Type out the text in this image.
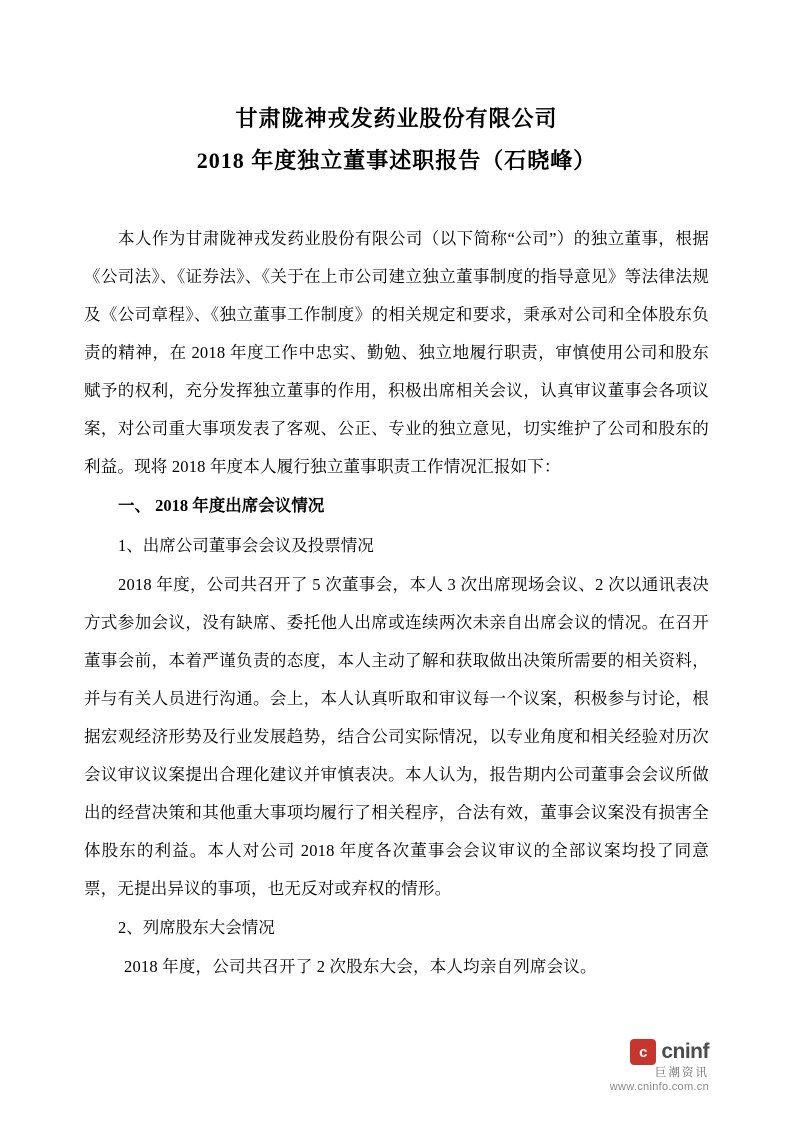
甘肃陇神戎发药业股份有限公司
2018 年度独立董事述职报告（石晓峰）

本人作为甘肃陇神戎发药业股份有限公司（以下简称“公司”）的独立董事，根据《公司法》、《证券法》、《关于在上市公司建立独立董事制度的指导意见》等法律法规及《公司章程》、《独立董事工作制度》的相关规定和要求，秉承对公司和全体股东负责的精神，在 2018 年度工作中忠实、勤勉、独立地履行职责，审慎使用公司和股东赋予的权利，充分发挥独立董事的作用，积极出席相关会议，认真审议董事会各项议案，对公司重大事项发表了客观、公正、专业的独立意见，切实维护了公司和股东的利益。现将 2018 年度本人履行独立董事职责工作情况汇报如下：

一、 2018 年度出席会议情况

1、出席公司董事会会议及投票情况

2018 年度，公司共召开了 5 次董事会，本人 3 次出席现场会议、2 次以通讯表决方式参加会议，没有缺席、委托他人出席或连续两次未亲自出席会议的情况。在召开董事会前，本着严谨负责的态度，本人主动了解和获取做出决策所需要的相关资料，并与有关人员进行沟通。会上，本人认真听取和审议每一个议案，积极参与讨论，根据宏观经济形势及行业发展趋势，结合公司实际情况，以专业角度和相关经验对历次会议审议议案提出合理化建议并审慎表决。本人认为，报告期内公司董事会会议所做出的经营决策和其他重大事项均履行了相关程序，合法有效，董事会议案没有损害全体股东的利益。本人对公司 2018 年度各次董事会会议审议的全部议案均投了同意票，无提出异议的事项，也无反对或弃权的情形。

2、列席股东大会情况

2018 年度，公司共召开了 2 次股东大会，本人均亲自列席会议。

c cninf
巨潮资讯
www.cninfo.com.cn
